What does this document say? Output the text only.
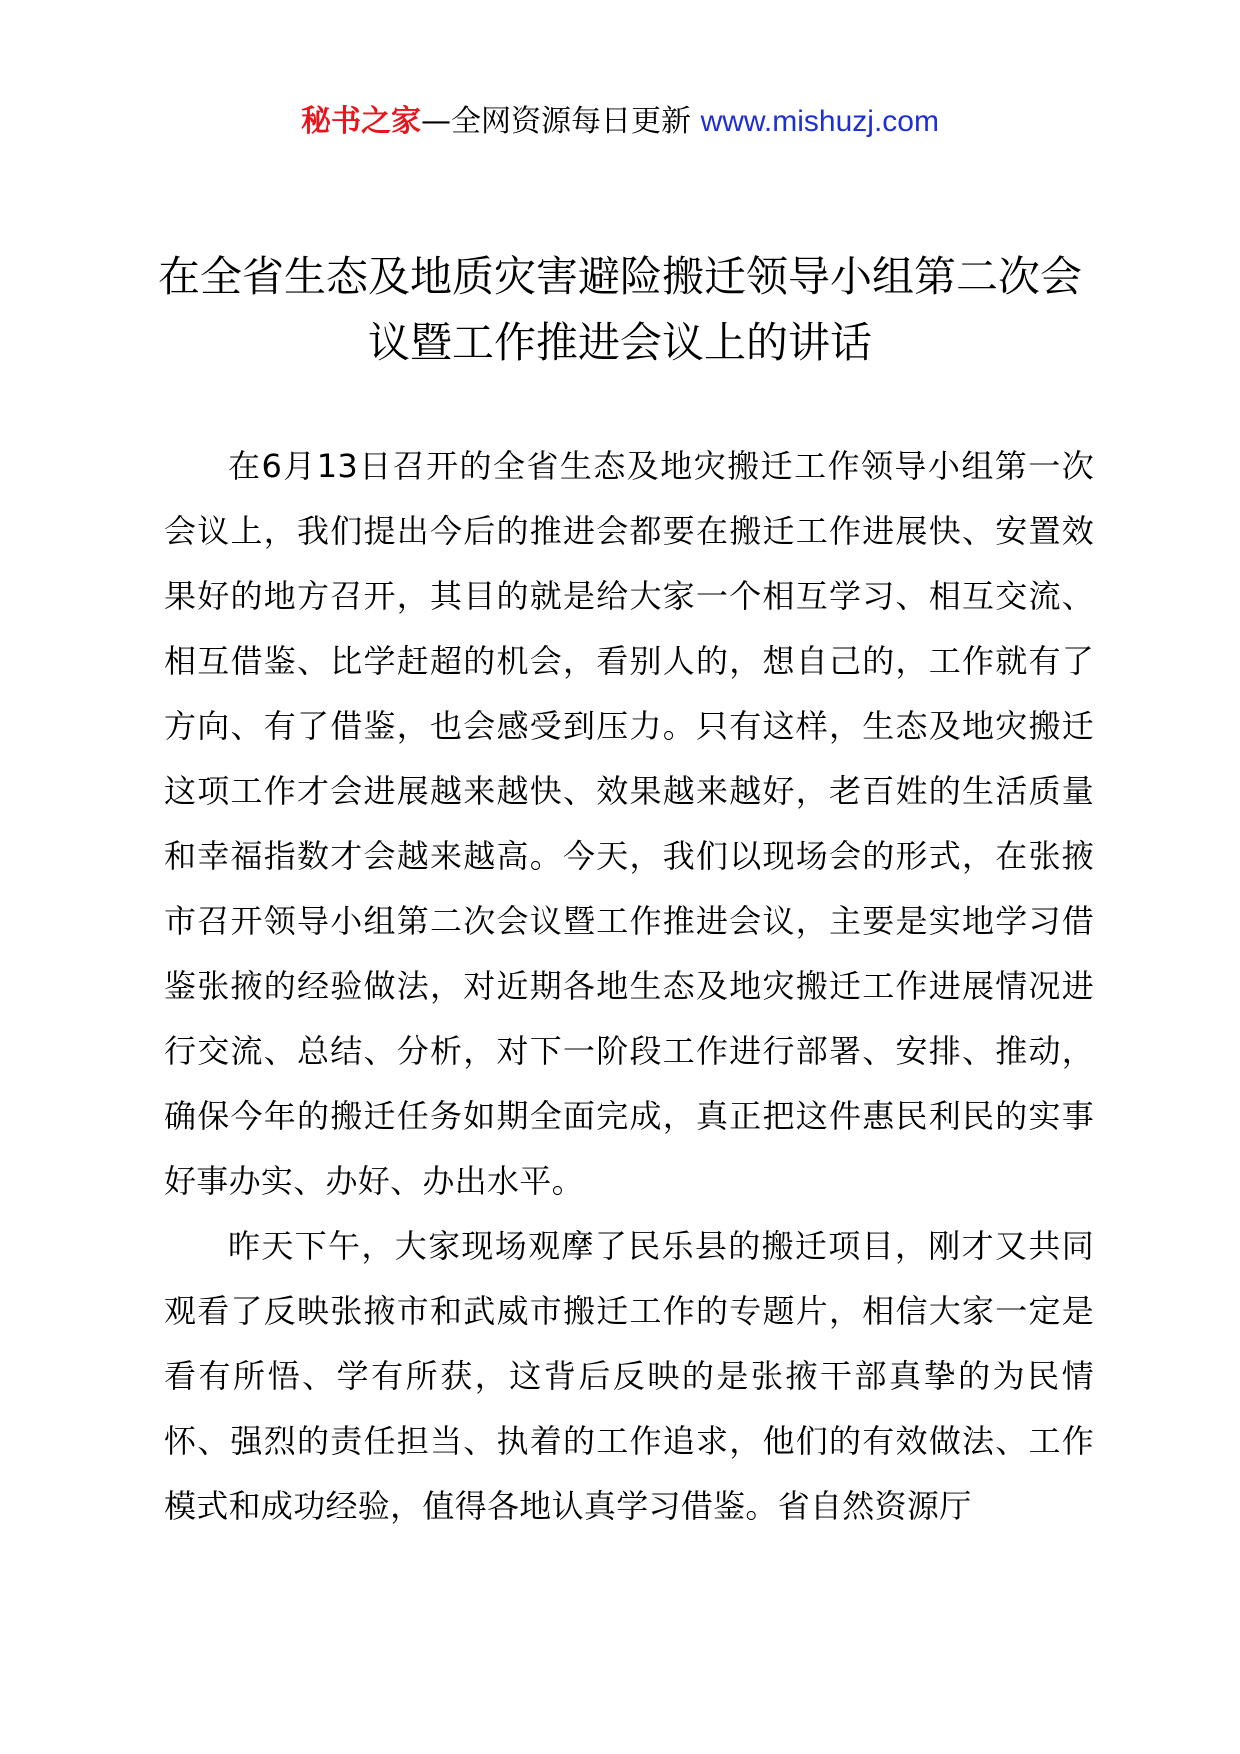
秘书之家—全网资源每日更新 www.mishuzj.com
在全省生态及地质灾害避险搬迁领导小组第二次会议暨工作推进会议上的讲话

在6月13日召开的全省生态及地灾搬迁工作领导小组第一次会议上，我们提出今后的推进会都要在搬迁工作进展快、安置效果好的地方召开，其目的就是给大家一个相互学习、相互交流、相互借鉴、比学赶超的机会，看别人的，想自己的，工作就有了方向、有了借鉴，也会感受到压力。只有这样，生态及地灾搬迁这项工作才会进展越来越快、效果越来越好，老百姓的生活质量和幸福指数才会越来越高。今天，我们以现场会的形式，在张掖市召开领导小组第二次会议暨工作推进会议，主要是实地学习借鉴张掖的经验做法，对近期各地生态及地灾搬迁工作进展情况进行交流、总结、分析，对下一阶段工作进行部署、安排、推动，确保今年的搬迁任务如期全面完成，真正把这件惠民利民的实事好事办实、办好、办出水平。

昨天下午，大家现场观摩了民乐县的搬迁项目，刚才又共同观看了反映张掖市和武威市搬迁工作的专题片，相信大家一定是看有所悟、学有所获，这背后反映的是张掖干部真挚的为民情怀、强烈的责任担当、执着的工作追求，他们的有效做法、工作模式和成功经验，值得各地认真学习借鉴。省自然资源厅
